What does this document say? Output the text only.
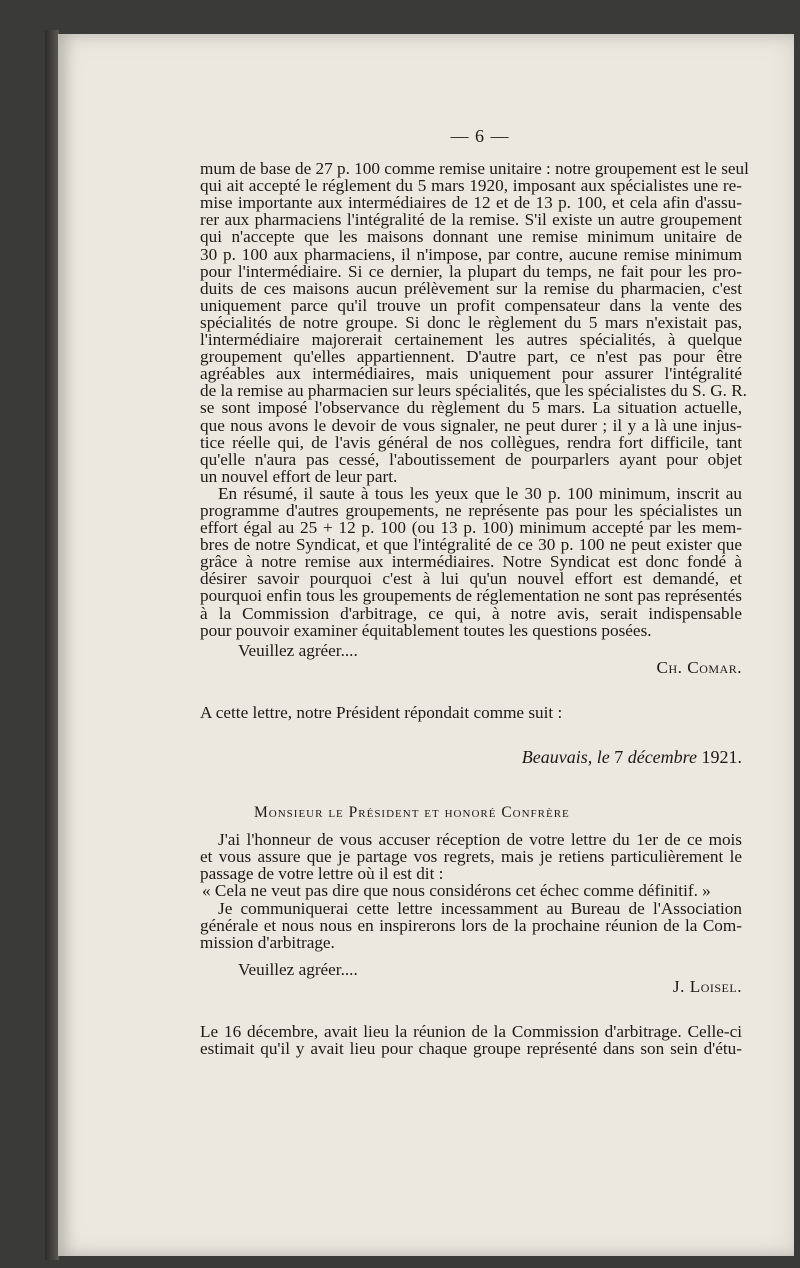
— 6 —
mum de base de 27 p. 100 comme remise unitaire : notre groupement est le seul
qui ait accepté le réglement du 5 mars 1920, imposant aux spécialistes une re-
mise importante aux intermédiaires de 12 et de 13 p. 100, et cela afin d'assu-
rer aux pharmaciens l'intégralité de la remise. S'il existe un autre groupement
qui n'accepte que les maisons donnant une remise minimum unitaire de
30 p. 100 aux pharmaciens, il n'impose, par contre, aucune remise minimum
pour l'intermédiaire. Si ce dernier, la plupart du temps, ne fait pour les pro-
duits de ces maisons aucun prélèvement sur la remise du pharmacien, c'est
uniquement parce qu'il trouve un profit compensateur dans la vente des
spécialités de notre groupe. Si donc le règlement du 5 mars n'existait pas,
l'intermédiaire majorerait certainement les autres spécialités, à quelque
groupement qu'elles appartiennent. D'autre part, ce n'est pas pour être
agréables aux intermédiaires, mais uniquement pour assurer l'intégralité
de la remise au pharmacien sur leurs spécialités, que les spécialistes du S. G. R.
se sont imposé l'observance du règlement du 5 mars. La situation actuelle,
que nous avons le devoir de vous signaler, ne peut durer ; il y a là une injus-
tice réelle qui, de l'avis général de nos collègues, rendra fort difficile, tant
qu'elle n'aura pas cessé, l'aboutissement de pourparlers ayant pour objet
un nouvel effort de leur part.
En résumé, il saute à tous les yeux que le 30 p. 100 minimum, inscrit au
programme d'autres groupements, ne représente pas pour les spécialistes un
effort égal au 25 + 12 p. 100 (ou 13 p. 100) minimum accepté par les mem-
bres de notre Syndicat, et que l'intégralité de ce 30 p. 100 ne peut exister que
grâce à notre remise aux intermédiaires. Notre Syndicat est donc fondé à
désirer savoir pourquoi c'est à lui qu'un nouvel effort est demandé, et
pourquoi enfin tous les groupements de réglementation ne sont pas représentés
à la Commission d'arbitrage, ce qui, à notre avis, serait indispensable
pour pouvoir examiner équitablement toutes les questions posées.
Veuillez agréer....
Ch. Comar.
A cette lettre, notre Président répondait comme suit :
Beauvais, le 7 décembre 1921.
Monsieur le Président et honoré Confrère
J'ai l'honneur de vous accuser réception de votre lettre du 1er de ce mois
et vous assure que je partage vos regrets, mais je retiens particulièrement le
passage de votre lettre où il est dit :
« Cela ne veut pas dire que nous considérons cet échec comme définitif. »
Je communiquerai cette lettre incessamment au Bureau de l'Association
générale et nous nous en inspirerons lors de la prochaine réunion de la Com-
mission d'arbitrage.
Veuillez agréer....
J. Loisel.
Le 16 décembre, avait lieu la réunion de la Commission d'arbitrage. Celle-ci
estimait qu'il y avait lieu pour chaque groupe représenté dans son sein d'étu-
